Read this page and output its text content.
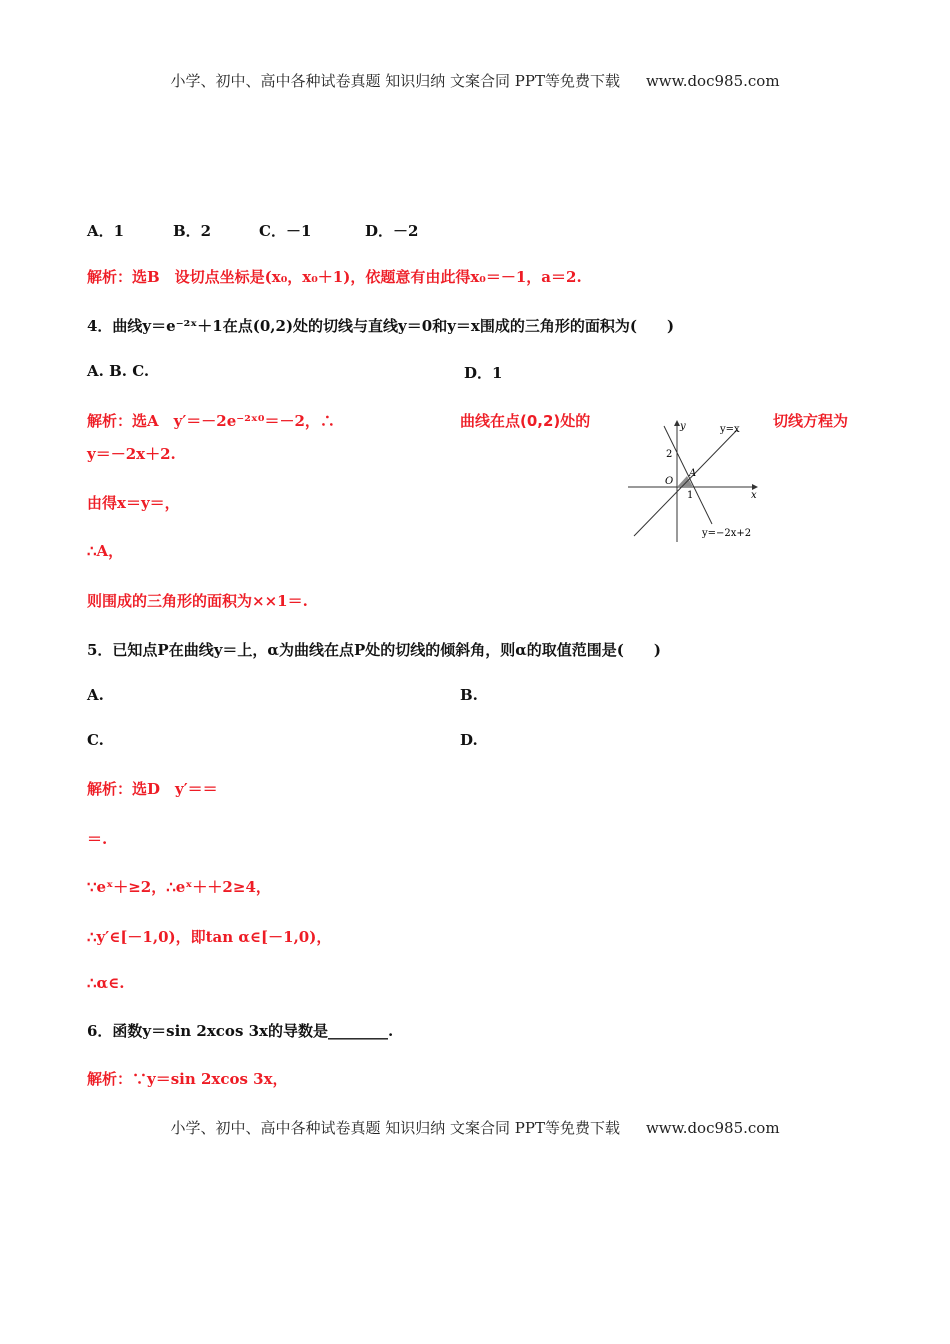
小学、初中、高中各种试卷真题 知识归纳 文案合同 PPT等免费下载 www.doc985.com
A．1	B．2	C．－1	D．－2
解析：选B　设切点坐标是(x₀，x₀＋1)，依题意有由此得x₀＝－1，a＝2.
4．曲线y＝e⁻²ˣ＋1在点(0,2)处的切线与直线y＝0和y＝x围成的三角形的面积为(　　)
A. B. C.	D．1
解析：选A　y′＝－2e⁻²ˣ⁰＝－2，∴	曲线在点(0,2)处的	切线方程为
y＝－2x＋2.
由得x＝y＝，
∴A，
则围成的三角形的面积为××1＝.
y
x
y=x
2
O
A
1
y=−2x+2
5．已知点P在曲线y＝上，α为曲线在点P处的切线的倾斜角，则α的取值范围是(　　)
A.	B.
C.	D.
解析：选D　y′＝＝
＝.
∵eˣ＋≥2，∴eˣ＋＋2≥4，
∴y′∈[－1,0)，即tan α∈[－1,0)，
∴α∈.
6．函数y＝sin 2xcos 3x的导数是________.
解析：∵y＝sin 2xcos 3x，
小学、初中、高中各种试卷真题 知识归纳 文案合同 PPT等免费下载 www.doc985.com
